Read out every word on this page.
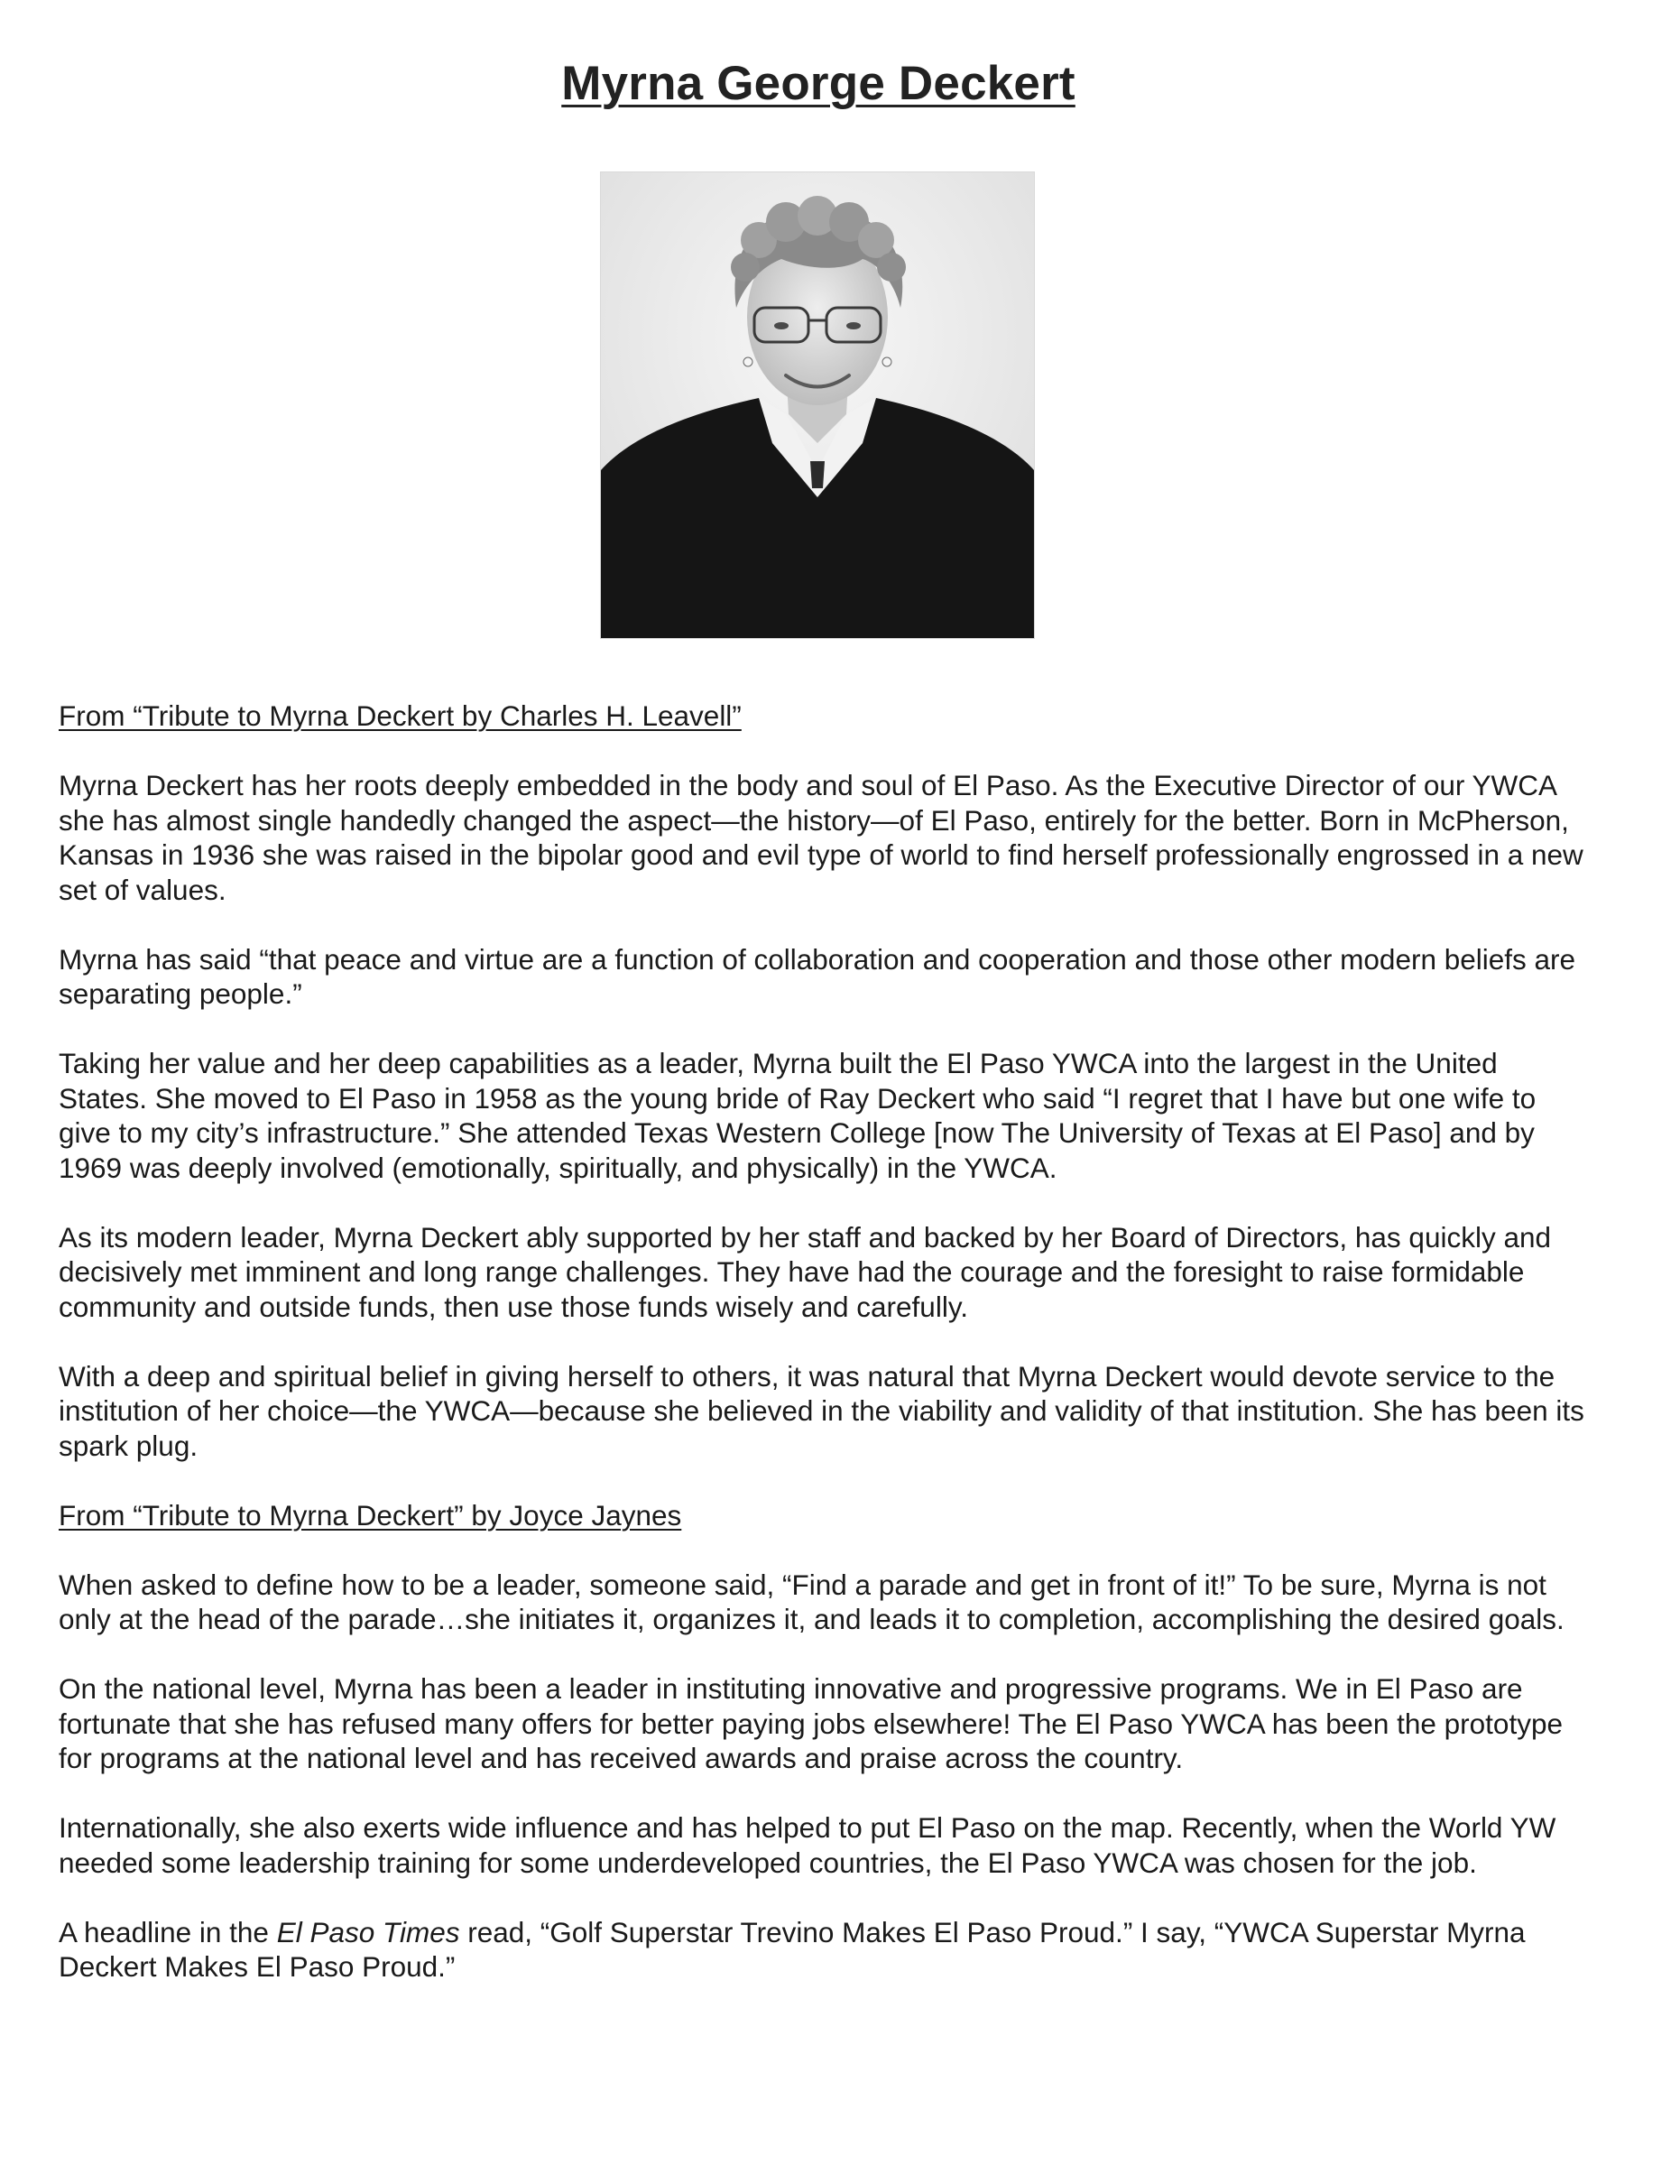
Myrna George Deckert

From “Tribute to Myrna Deckert by Charles H. Leavell”

Myrna Deckert has her roots deeply embedded in the body and soul of El Paso. As the Executive Director of our YWCA she has almost single handedly changed the aspect—the history—of El Paso, entirely for the better. Born in McPherson, Kansas in 1936 she was raised in the bipolar good and evil type of world to find herself professionally engrossed in a new set of values.

Myrna has said “that peace and virtue are a function of collaboration and cooperation and those other modern beliefs are separating people.”

Taking her value and her deep capabilities as a leader, Myrna built the El Paso YWCA into the largest in the United States. She moved to El Paso in 1958 as the young bride of Ray Deckert who said “I regret that I have but one wife to give to my city’s infrastructure.” She attended Texas Western College [now The University of Texas at El Paso] and by 1969 was deeply involved (emotionally, spiritually, and physically) in the YWCA.

As its modern leader, Myrna Deckert ably supported by her staff and backed by her Board of Directors, has quickly and decisively met imminent and long range challenges. They have had the courage and the foresight to raise formidable community and outside funds, then use those funds wisely and carefully.

With a deep and spiritual belief in giving herself to others, it was natural that Myrna Deckert would devote service to the institution of her choice—the YWCA—because she believed in the viability and validity of that institution. She has been its spark plug.

From “Tribute to Myrna Deckert” by Joyce Jaynes

When asked to define how to be a leader, someone said, “Find a parade and get in front of it!” To be sure, Myrna is not only at the head of the parade…she initiates it, organizes it, and leads it to completion, accomplishing the desired goals.

On the national level, Myrna has been a leader in instituting innovative and progressive programs. We in El Paso are fortunate that she has refused many offers for better paying jobs elsewhere! The El Paso YWCA has been the prototype for programs at the national level and has received awards and praise across the country.

Internationally, she also exerts wide influence and has helped to put El Paso on the map. Recently, when the World YW needed some leadership training for some underdeveloped countries, the El Paso YWCA was chosen for the job.

A headline in the El Paso Times read, “Golf Superstar Trevino Makes El Paso Proud.” I say, “YWCA Superstar Myrna Deckert Makes El Paso Proud.”
